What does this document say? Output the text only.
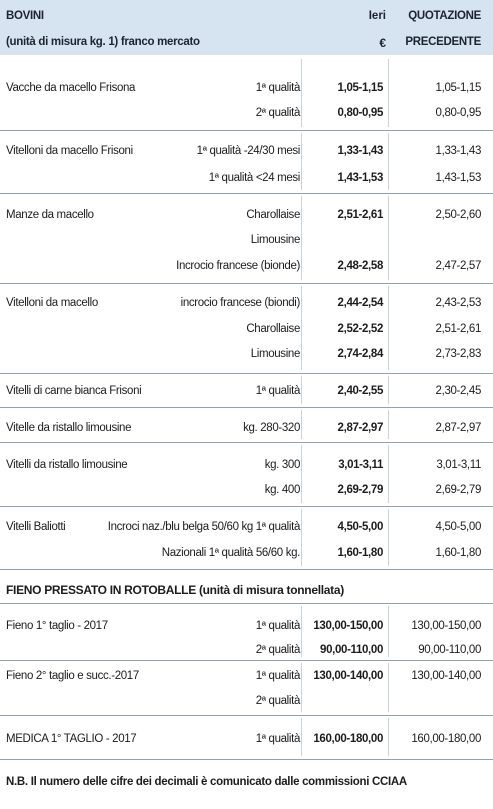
BOVINI
(unità di misura kg. 1) franco mercato
Ieri
€
QUOTAZIONE
PRECEDENTE
Vacche da macello Frisona	1ª qualità	1,05-1,15	1,05-1,15
2ª qualità	0,80-0,95	0,80-0,95
Vitelloni da macello Frisoni	1ª qualità -24/30 mesi	1,33-1,43	1,33-1,43
1ª qualità <24 mesi	1,43-1,53	1,43-1,53
Manze da macello	Charollaise	2,51-2,61	2,50-2,60
Limousine
Incrocio francese (bionde)	2,48-2,58	2,47-2,57
Vitelloni da macello	incrocio francese (biondi)	2,44-2,54	2,43-2,53
Charollaise	2,52-2,52	2,51-2,61
Limousine	2,74-2,84	2,73-2,83
Vitelli di carne bianca Frisoni	1ª qualità	2,40-2,55	2,30-2,45
Vitelle da ristallo limousine	kg. 280-320	2,87-2,97	2,87-2,97
Vitelli da ristallo limousine	kg. 300	3,01-3,11	3,01-3,11
kg. 400	2,69-2,79	2,69-2,79
Vitelli Baliotti	Incroci naz./blu belga 50/60 kg 1ª qualità	4,50-5,00	4,50-5,00
Nazionali 1ª qualità 56/60 kg.	1,60-1,80	1,60-1,80
Fieno 1° taglio - 2017	1ª qualità 130,00-150,00 130,00-150,00
2ª qualità 90,00-110,00	90,00-110,00
Fieno 2° taglio e succ.-2017	1ª qualità 130,00-140,00 130,00-140,00
2ª qualità
MEDICA 1° TAGLIO - 2017	1ª qualità 160,00-180,00 160,00-180,00
FIENO PRESSATO IN ROTOBALLE (unità di misura tonnellata)
N.B. Il numero delle cifre dei decimali è comunicato dalle commissioni CCIAA
